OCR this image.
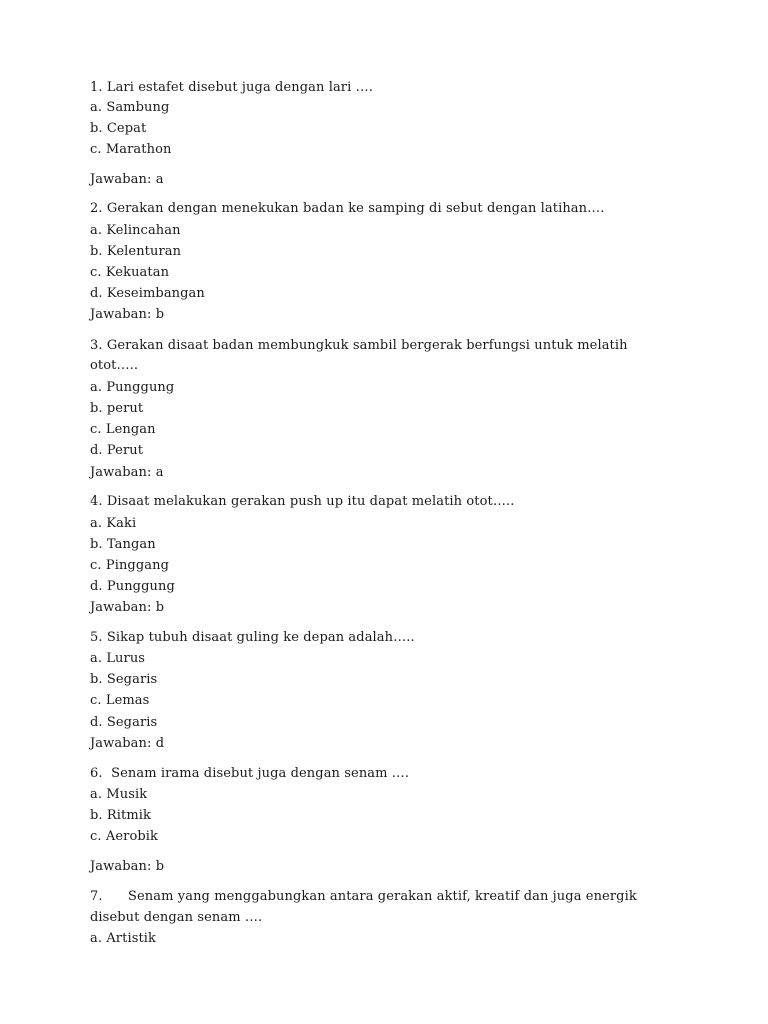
1. Lari estafet disebut juga dengan lari ….
a. Sambung
b. Cepat
c. Marathon
Jawaban: a
2. Gerakan dengan menekukan badan ke samping di sebut dengan latihan….
a. Kelincahan
b. Kelenturan
c. Kekuatan
d. Keseimbangan
Jawaban: b
3. Gerakan disaat badan membungkuk sambil bergerak berfungsi untuk melatih
otot…..
a. Punggung
b. perut
c. Lengan
d. Perut
Jawaban: a
4. Disaat melakukan gerakan push up itu dapat melatih otot…..
a. Kaki
b. Tangan
c. Pinggang
d. Punggung
Jawaban: b
5. Sikap tubuh disaat guling ke depan adalah…..
a. Lurus
b. Segaris
c. Lemas
d. Segaris
Jawaban: d
6.  Senam irama disebut juga dengan senam ….
a. Musik
b. Ritmik
c. Aerobik
Jawaban: b
7.      Senam yang menggabungkan antara gerakan aktif, kreatif dan juga energik
disebut dengan senam ….
a. Artistik
